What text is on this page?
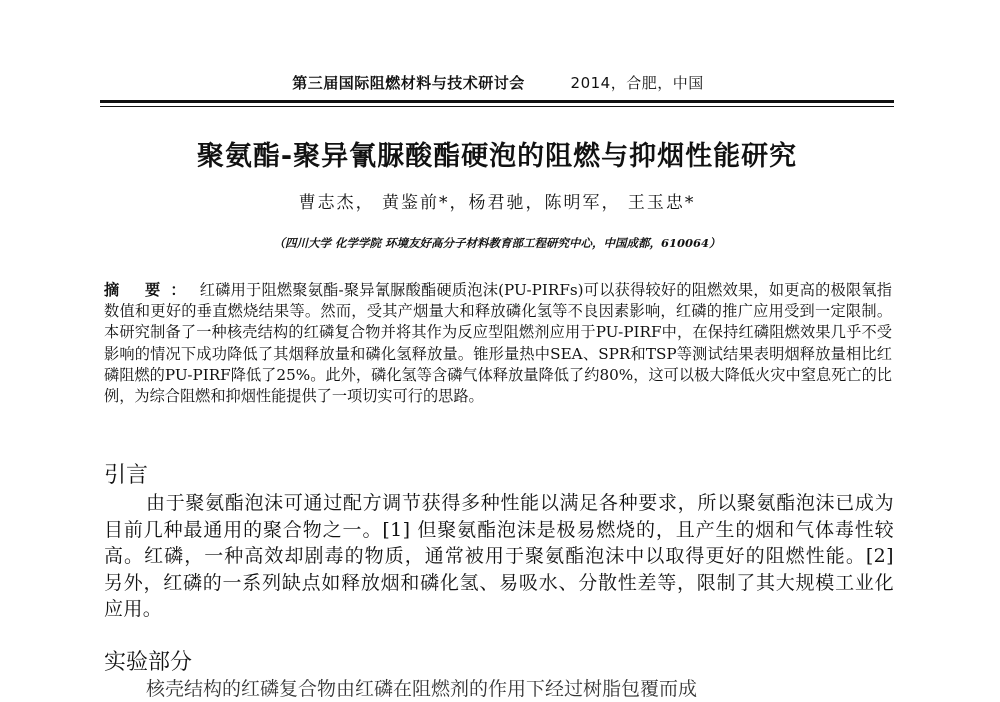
第三届国际阻燃材料与技术研讨会	2014，合肥，中国
聚氨酯-聚异氰脲酸酯硬泡的阻燃与抑烟性能研究
曹志杰， 黄鉴前*，杨君驰，陈明军， 王玉忠*
（四川大学 化学学院 环境友好高分子材料教育部工程研究中心，中国成都，610064）
摘 要： 红磷用于阻燃聚氨酯-聚异氰脲酸酯硬质泡沫(PU-PIRFs)可以获得较好的阻燃效果，如更高的极限氧指数值和更好的垂直燃烧结果等。然而，受其产烟量大和释放磷化氢等不良因素影响，红磷的推广应用受到一定限制。本研究制备了一种核壳结构的红磷复合物并将其作为反应型阻燃剂应用于PU-PIRF中，在保持红磷阻燃效果几乎不受影响的情况下成功降低了其烟释放量和磷化氢释放量。锥形量热中SEA、SPR和TSP等测试结果表明烟释放量相比红磷阻燃的PU-PIRF降低了25%。此外，磷化氢等含磷气体释放量降低了约80%，这可以极大降低火灾中窒息死亡的比例，为综合阻燃和抑烟性能提供了一项切实可行的思路。
引言
由于聚氨酯泡沫可通过配方调节获得多种性能以满足各种要求，所以聚氨酯泡沫已成为目前几种最通用的聚合物之一。[1] 但聚氨酯泡沫是极易燃烧的，且产生的烟和气体毒性较高。红磷，一种高效却剧毒的物质，通常被用于聚氨酯泡沫中以取得更好的阻燃性能。[2] 另外，红磷的一系列缺点如释放烟和磷化氢、易吸水、分散性差等，限制了其大规模工业化应用。
实验部分
核壳结构的红磷复合物由红磷在阻燃剂的作用下经过树脂包覆而成
